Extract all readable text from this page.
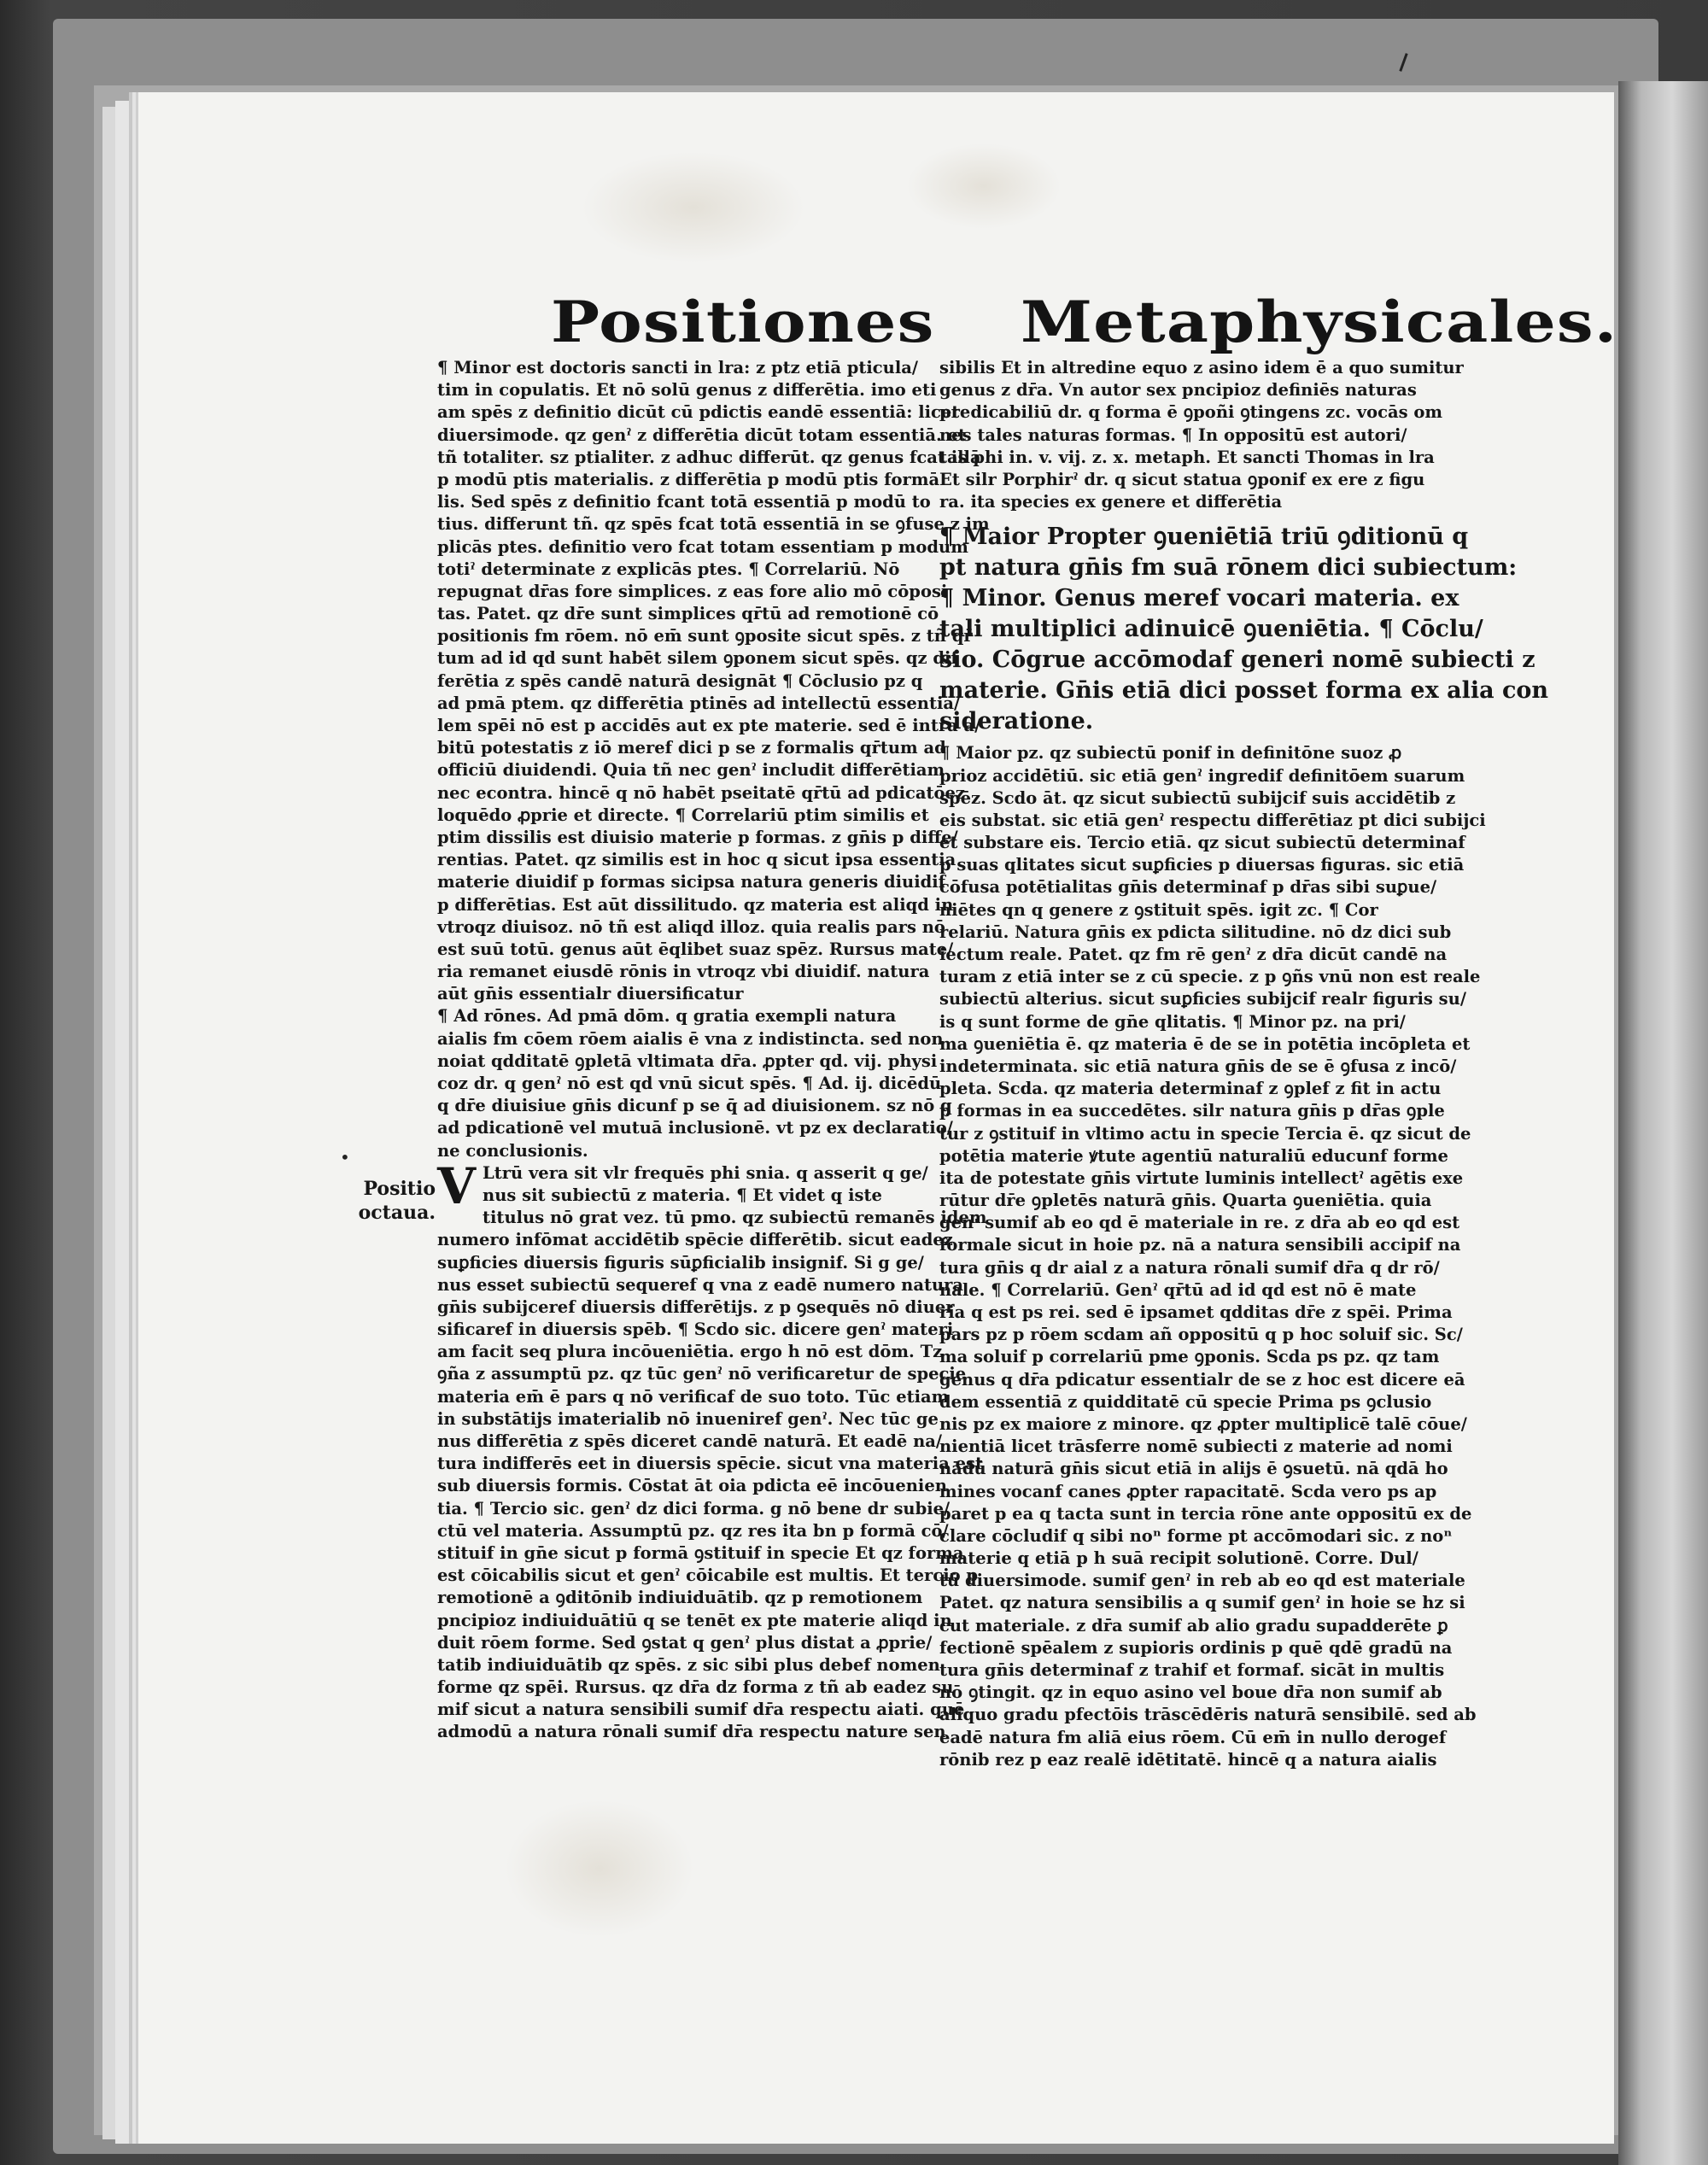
Positiones Metaphysicales.
•
Positio
octaua.
¶ Minor est doctoris sancti in lra: z ptz etiā pticula/
tim in copulatis. Et nō solū genus z differētia. imo eti
am spēs z definitio dicūt cū pdictis eandē essentiā: licet
diuersimode. qz genˀ z differētia dicūt totam essentiā. et
tñ totaliter. sz ptialiter. z adhuc differūt. qz genus fcat illā
p modū ptis materialis. z differētia p modū ptis formā
lis. Sed spēs z definitio fcant totā essentiā p modū to
tius. differunt tñ. qz spēs fcat totā essentiā in se ꝯfuse z im
plicās ptes. definitio vero fcat totam essentiam p modum
totiˀ determinate z explicās ptes. ¶ Correlariū. Nō
repugnat dr̄as fore simplices. z eas fore alio mō cōposi
tas. Patet. qz dr̄e sunt simplices qr̄tū ad remotionē cō
positionis fm rōem. nō em̄ sunt ꝯposite sicut spēs. z tñ qr̄
tum ad id qd sunt habēt silem ꝯponem sicut spēs. qz dif
ferētia z spēs candē naturā designāt ¶ Cōclusio pz q
ad pmā ptem. qz differētia ptinēs ad intellectū essentia/
lem spēi nō est p accidēs aut ex pte materie. sed ē intra a/
bitū potestatis z iō meref dici p se z formalis qr̄tum ad
officiū diuidendi. Quia tñ nec genˀ includit differētiam
nec econtra. hincē q nō habēt pseitatē qr̄tū ad pdicatōez
loquēdo ꝓprie et directe. ¶ Correlariū ptim similis et
ptim dissilis est diuisio materie p formas. z gn̄is p diffe/
rentias. Patet. qz similis est in hoc q sicut ipsa essentia
materie diuidif p formas sicipsa natura generis diuidif
p differētias. Est aūt dissilitudo. qz materia est aliqd in
vtroqz diuisoz. nō tñ est aliqd illoz. quia realis pars nō
est suū totū. genus aūt ēqlibet suaz spēz. Rursus mate/
ria remanet eiusdē rōnis in vtroqz vbi diuidif. natura
aūt gn̄is essentialr diuersificatur
¶ Ad rōnes. Ad pmā dōm. q gratia exempli natura
aialis fm cōem rōem aialis ē vna z indistincta. sed non
noiat qdditatē ꝯpletā vltimata dr̄a. ꝓpter qd. vij. physi
coz dr. q genˀ nō est qd vnū sicut spēs. ¶ Ad. ij. dicēdū
q dr̄e diuisiue gn̄is dicunf p se q̄ ad diuisionem. sz nō q
ad pdicationē vel mutuā inclusionē. vt pz ex declaratio/
ne conclusionis.
V Ltrū vera sit vlr frequēs phi snia. q asserit q ge/
nus sit subiectū z materia. ¶ Et videt q iste
titulus nō grat vez. tū pmo. qz subiectū remanēs idem
numero infōmat accidētib spēcie differētib. sicut eadez
suꝑficies diuersis figuris sūꝑficialib insignif. Si g ge/
nus esset subiectū sequeref q vna z eadē numero natura
gn̄is subijceref diuersis differētijs. z p ꝯsequēs nō diuer
sificaref in diuersis spēb. ¶ Scdo sic. dicere genˀ materi
am facit seq plura incōueniētia. ergo h nō est dōm. Tz
ꝯña z assumptū pz. qz tūc genˀ nō verificaretur de specie
materia em̄ ē pars q nō verificaf de suo toto. Tūc etiam
in substātijs imaterialib nō inueniref genˀ. Nec tūc ge
nus differētia z spēs diceret candē naturā. Et eadē na/
tura indifferēs eet in diuersis spēcie. sicut vna materia est
sub diuersis formis. Cōstat āt oia pdicta eē incōuenien
tia. ¶ Tercio sic. genˀ dz dici forma. g nō bene dr subie/
ctū vel materia. Assumptū pz. qz res ita bn p formā cō/
stituif in gn̄e sicut p formā ꝯstituif in specie Et qz forma
est cōicabilis sicut et genˀ cōicabile est multis. Et tercio p
remotionē a ꝯditōnib indiuiduātib. qz p remotionem
pncipioz indiuiduātiū q se tenēt ex pte materie aliqd in
duit rōem forme. Sed ꝯstat q genˀ plus distat a ꝓprie/
tatib indiuiduātib qz spēs. z sic sibi plus debef nomen
forme qz spēi. Rursus. qz dr̄a dz forma z tñ ab eadez su
mif sicut a natura sensibili sumif dr̄a respectu aiati. quē
admodū a natura rōnali sumif dr̄a respectu nature sen
sibilis Et in altredine equo z asino idem ē a quo sumitur
genus z dr̄a. Vn autor sex pncipioz definiēs naturas
predicabiliū dr. q forma ē ꝯpoñi ꝯtingens zc. vocās om
nes tales naturas formas. ¶ In oppositū est autori/
tas phi in. v. vij. z. x. metaph. Et sancti Thomas in lra
Et silr Porphirˀ dr. q sicut statua ꝯponif ex ere z figu
ra. ita species ex genere et differētia
¶ Maior Propter ꝯueniētiā triū ꝯditionū q
pt natura gn̄is fm suā rōnem dici subiectum:
¶ Minor. Genus meref vocari materia. ex
tali multiplici adinuicē ꝯueniētia. ¶ Cōclu/
sio. Cōgrue accōmodaf generi nomē subiecti z
materie. Gn̄is etiā dici posset forma ex alia con
sideratione.
¶ Maior pz. qz subiectū ponif in definitōne suoz ꝓ
prioz accidētiū. sic etiā genˀ ingredif definitōem suarum
spēz. Scdo āt. qz sicut subiectū subijcif suis accidētib z
eis substat. sic etiā genˀ respectu differētiaz pt dici subijci
et substare eis. Tercio etiā. qz sicut subiectū determinaf
p suas qlitates sicut suꝑficies p diuersas figuras. sic etiā
cōfusa potētialitas gn̄is determinaf p dr̄as sibi suꝑue/
niētes qn q genere z ꝯstituit spēs. igit zc. ¶ Cor
relariū. Natura gn̄is ex pdicta silitudine. nō dz dici sub
iectum reale. Patet. qz fm rē genˀ z dr̄a dicūt candē na
turam z etiā inter se z cū specie. z p ꝯñs vnū non est reale
subiectū alterius. sicut suꝑficies subijcif realr figuris su/
is q sunt forme de gn̄e qlitatis. ¶ Minor pz. na pri/
ma ꝯueniētia ē. qz materia ē de se in potētia incōpleta et
indeterminata. sic etiā natura gn̄is de se ē ꝯfusa z incō/
pleta. Scda. qz materia determinaf z ꝯplef z fit in actu
p formas in ea succedētes. silr natura gn̄is p dr̄as ꝯple
tur z ꝯstituif in vltimo actu in specie Tercia ē. qz sicut de
potētia materie ꝟtute agentiū naturaliū educunf forme
ita de potestate gn̄is virtute luminis intellectˀ agētis exe
rūtur dr̄e ꝯpletēs naturā gn̄is. Quarta ꝯueniētia. quia
genˀ sumif ab eo qd ē materiale in re. z dr̄a ab eo qd est
formale sicut in hoie pz. nā a natura sensibili accipif na
tura gn̄is q dr aial z a natura rōnali sumif dr̄a q dr rō/
nale. ¶ Correlariū. Genˀ qr̄tū ad id qd est nō ē mate
ria q est ps rei. sed ē ipsamet qdditas dr̄e z spēi. Prima
pars pz p rōem scdam añ oppositū q p hoc soluif sic. Sc/
ma soluif p correlariū pme ꝯponis. Scda ps pz. qz tam
genus q dr̄a pdicatur essentialr de se z hoc est dicere eā
dem essentiā z quidditatē cū specie Prima ps ꝯclusio
nis pz ex maiore z minore. qz ꝓpter multiplicē talē cōue/
nientiā licet trāsferre nomē subiecti z materie ad nomi
nādū naturā gn̄is sicut etiā in alijs ē ꝯsuetū. nā qdā ho
mines vocanf canes ꝓpter rapacitatē. Scda vero ps ap
paret p ea q tacta sunt in tercia rōne ante oppositū ex de
clare cōcludif q sibi noⁿ forme pt accōmodari sic. z noⁿ
materie q etiā p h suā recipit solutionē. Corre. Dul/
tū diuersimode. sumif genˀ in reb ab eo qd est materiale
Patet. qz natura sensibilis a q sumif genˀ in hoie se hz si
cut materiale. z dr̄a sumif ab alio gradu supadderēte ꝑ
fectionē spēalem z supioris ordinis p quē qdē gradū na
tura gn̄is determinaf z trahif et formaf. sicāt in multis
nō ꝯtingit. qz in equo asino vel boue dr̄a non sumif ab
aliquo gradu pfectōis trāscēdēris naturā sensibilē. sed ab
eadē natura fm aliā eius rōem. Cū em̄ in nullo derogef
rōnib rez p eaz realē idētitatē. hincē q a natura aialis
